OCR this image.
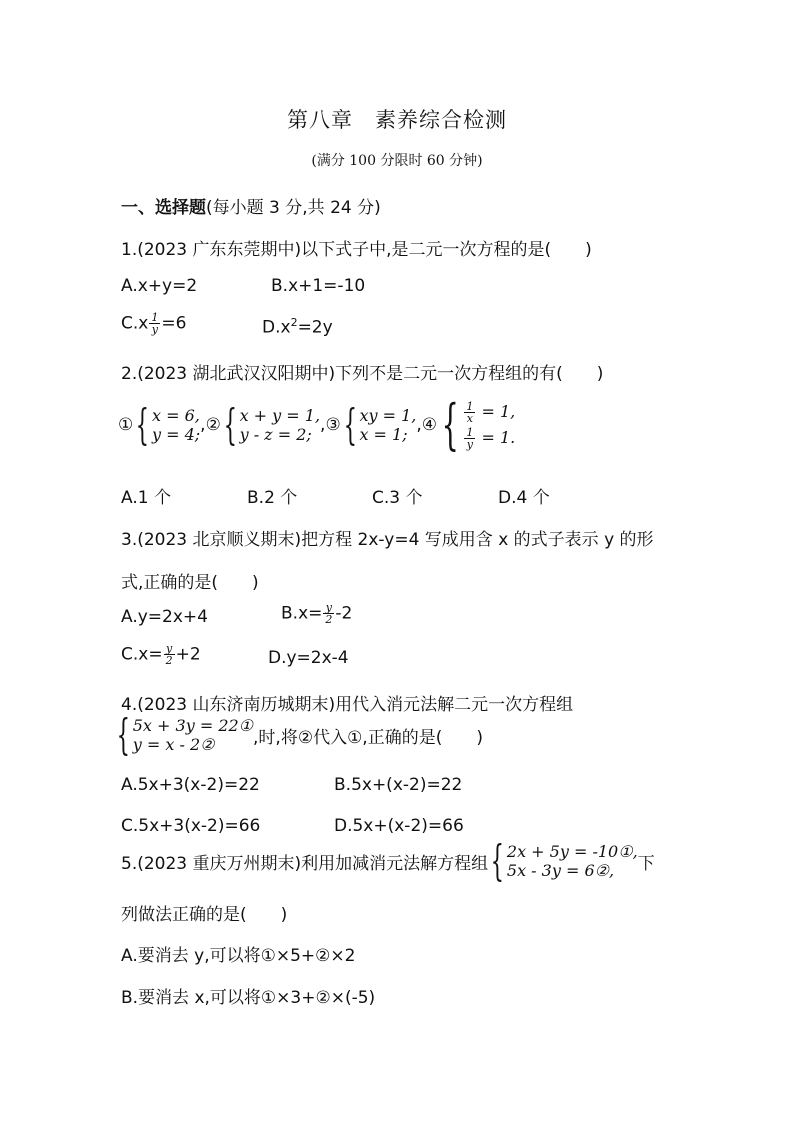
第八章　素养综合检测
(满分 100 分限时 60 分钟)
一、选择题(每小题 3 分,共 24 分)
1.(2023 广东东莞期中)以下式子中,是二元一次方程的是(　　)
A.x+y=2	B.x+1=-10
$C.x \frac{1}{y} =6$	$D.x^2=2y$
2.(2023 湖北武汉汉阳期中)下列不是二元一次方程组的有(　　)
① { x = 6,
y = 4; ,② { x + y = 1,
y - z = 2; ,③ { xy = 1,
x = 1; ,④ { $\frac{1}{x}$
= 1,
$\frac{1}{y}$
= 1.
A.1 个	B.2 个	C.3 个	D.4 个
3.(2023 北京顺义期末)把方程 2x-y=4 写成用含 x 的式子表示 y 的形
式,正确的是(　　)
A.y=2x+4	$B.x= \frac{y}{2} -2$
$C.x= \frac{y}{2} +2$	D.y=2x-4
4.(2023 山东济南历城期末)用代入消元法解二元一次方程组
{ 5x + 3y = 22①
y = x - 2②	,时,将②代入①,正确的是(　　)
A.5x+3(x-2)=22	B.5x+(x-2)=22
C.5x+3(x-2)=66	D.5x+(x-2)=66
5.(2023 重庆万州期末)利用加减消元法解方程组 { 2x + 5y = -10①,
5x - 3y = 6②,	下
列做法正确的是(　　)
A.要消去 y,可以将①×5+②×2
B.要消去 x,可以将①×3+②×(-5)
